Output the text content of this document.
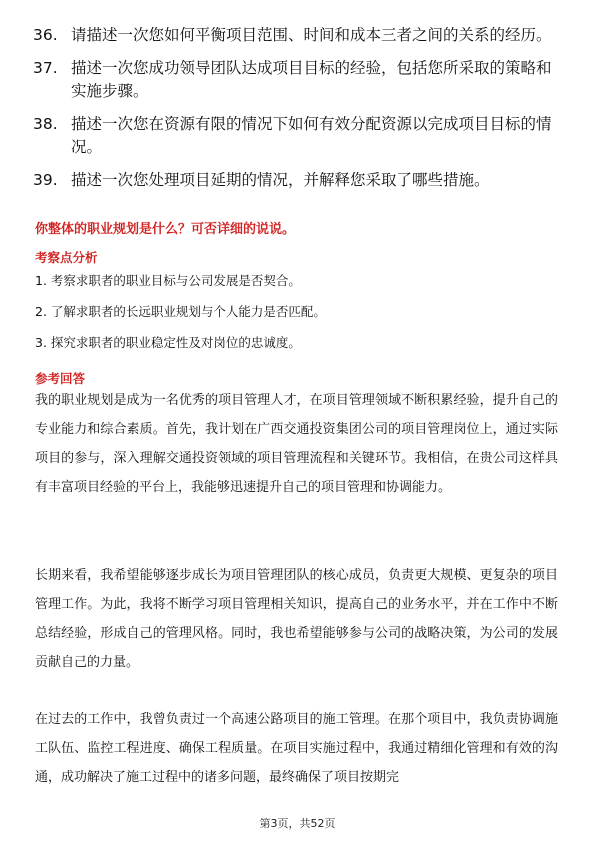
36. 请描述一次您如何平衡项目范围、时间和成本三者之间的关系的经历。
37. 描述一次您成功领导团队达成项目目标的经验，包括您所采取的策略和实施步骤。
38. 描述一次您在资源有限的情况下如何有效分配资源以完成项目目标的情况。
39. 描述一次您处理项目延期的情况，并解释您采取了哪些措施。
你整体的职业规划是什么？可否详细的说说。
考察点分析
1. 考察求职者的职业目标与公司发展是否契合。
2. 了解求职者的长远职业规划与个人能力是否匹配。
3. 探究求职者的职业稳定性及对岗位的忠诚度。
参考回答

我的职业规划是成为一名优秀的项目管理人才，在项目管理领域不断积累经验，提升自己的专业能力和综合素质。首先，我计划在广西交通投资集团公司的项目管理岗位上，通过实际项目的参与，深入理解交通投资领域的项目管理流程和关键环节。我相信，在贵公司这样具有丰富项目经验的平台上，我能够迅速提升自己的项目管理和协调能力。

长期来看，我希望能够逐步成长为项目管理团队的核心成员，负责更大规模、更复杂的项目管理工作。为此，我将不断学习项目管理相关知识，提高自己的业务水平，并在工作中不断总结经验，形成自己的管理风格。同时，我也希望能够参与公司的战略决策，为公司的发展贡献自己的力量。

在过去的工作中，我曾负责过一个高速公路项目的施工管理。在那个项目中，我负责协调施工队伍、监控工程进度、确保工程质量。在项目实施过程中，我通过精细化管理和有效的沟通，成功解决了施工过程中的诸多问题，最终确保了项目按期完

第3页，共52页
